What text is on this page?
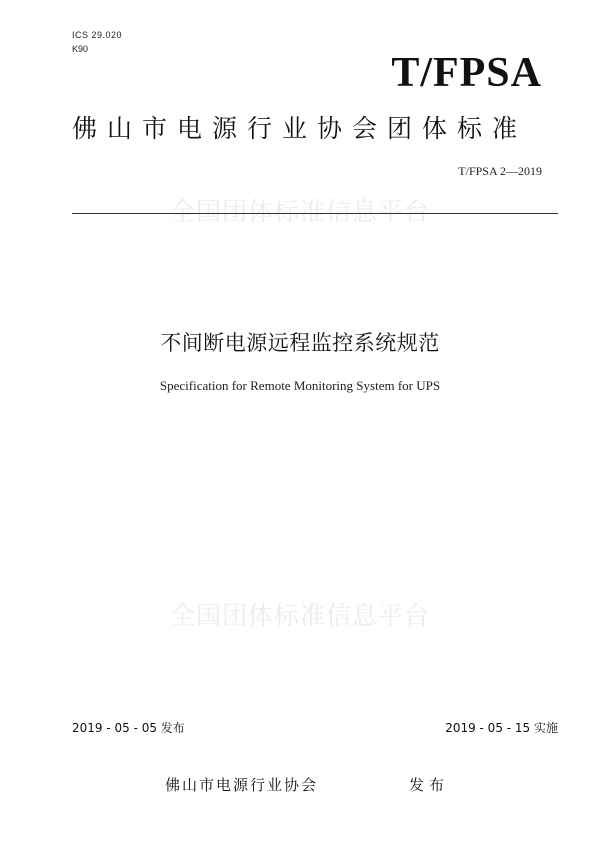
ICS 29.020
K90
T/FPSA
佛山市电源行业协会团体标准
T/FPSA 2—2019
全国团体标准信息平台
不间断电源远程监控系统规范
Specification for Remote Monitoring System for UPS
全国团体标准信息平台
2019 - 05 - 05 发布	2019 - 05 - 15 实施
佛山市电源行业协会	发布
